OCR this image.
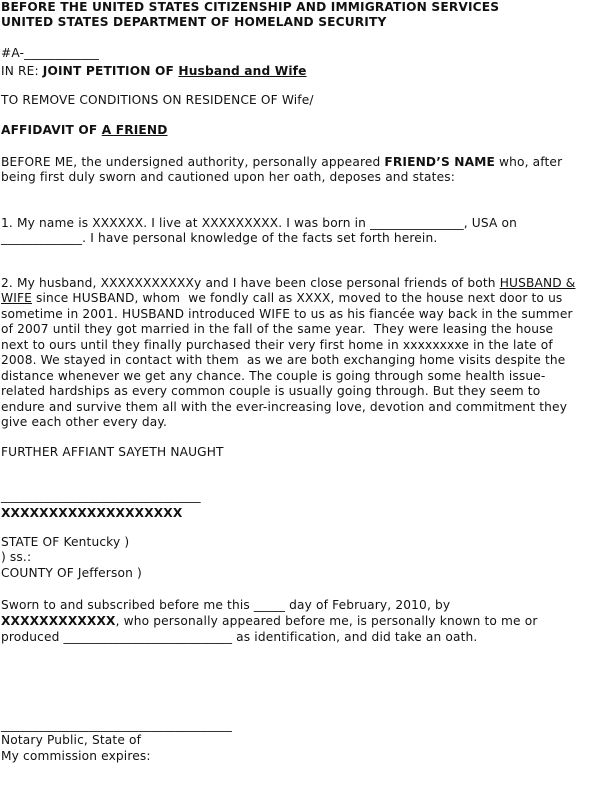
BEFORE THE UNITED STATES CITIZENSHIP AND IMMIGRATION SERVICES
UNITED STATES DEPARTMENT OF HOMELAND SECURITY
#A-____________
IN RE: JOINT PETITION OF Husband and Wife
TO REMOVE CONDITIONS ON RESIDENCE OF Wife/
AFFIDAVIT OF A FRIEND
BEFORE ME, the undersigned authority, personally appeared FRIEND’S NAME who, after
being first duly sworn and cautioned upon her oath, deposes and states:
1. My name is XXXXXX. I live at XXXXXXXXX. I was born in _______________, USA on
_____________. I have personal knowledge of the facts set forth herein.
2. My husband, XXXXXXXXXXXy and I have been close personal friends of both HUSBAND &
WIFE since HUSBAND, whom  we fondly call as XXXX, moved to the house next door to us
sometime in 2001. HUSBAND introduced WIFE to us as his fiancée way back in the summer
of 2007 until they got married in the fall of the same year.  They were leasing the house
next to ours until they finally purchased their very first home in xxxxxxxxe in the late of
2008. We stayed in contact with them  as we are both exchanging home visits despite the
distance whenever we get any chance. The couple is going through some health issue-
related hardships as every common couple is usually going through. But they seem to
endure and survive them all with the ever-increasing love, devotion and commitment they
give each other every day.
FURTHER AFFIANT SAYETH NAUGHT
________________________________
XXXXXXXXXXXXXXXXXXX
STATE OF Kentucky )
) ss.:
COUNTY OF Jefferson )
Sworn to and subscribed before me this _____ day of February, 2010, by
XXXXXXXXXXXX, who personally appeared before me, is personally known to me or
produced ___________________________ as identification, and did take an oath.
_____________________________________
Notary Public, State of
My commission expires:
